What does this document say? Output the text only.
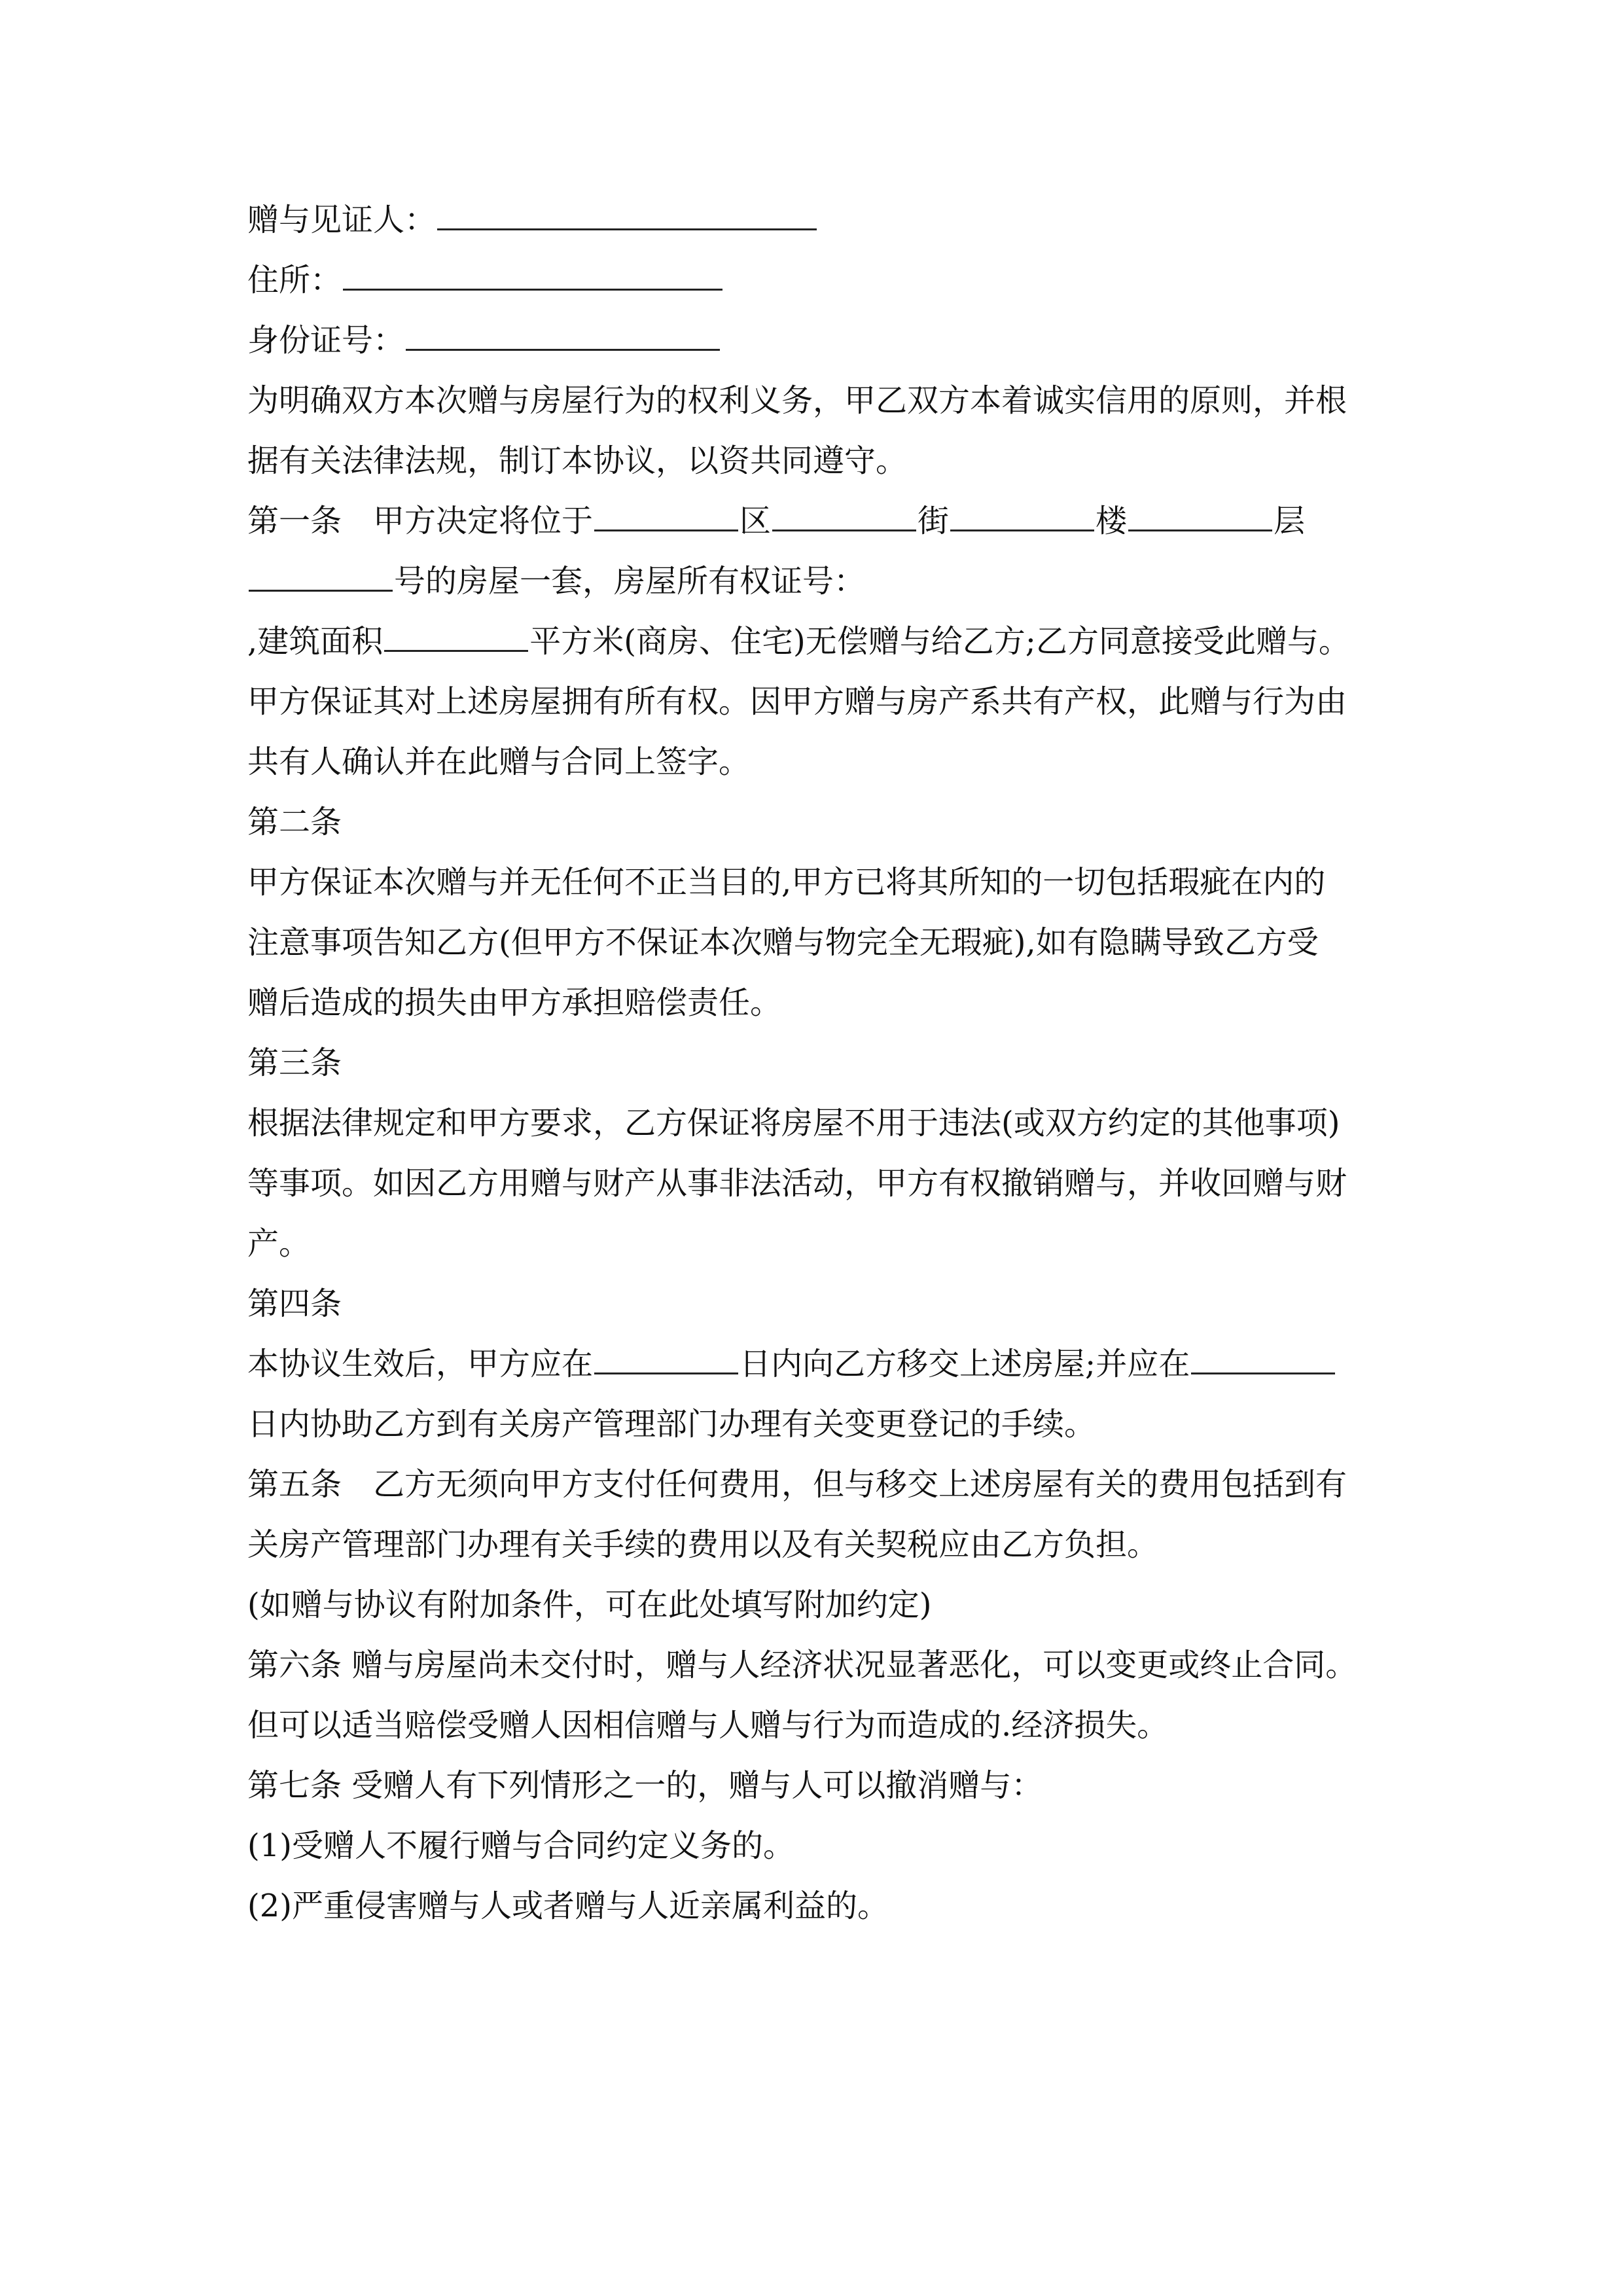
赠与见证人：
住所：
身份证号：
为明确双方本次赠与房屋行为的权利义务，甲乙双方本着诚实信用的原则，并根
据有关法律法规，制订本协议，以资共同遵守。
第一条　甲方决定将位于	区	街	楼	层
号的房屋一套，房屋所有权证号：
,建筑面积	平方米(商房、住宅)无偿赠与给乙方;乙方同意接受此赠与。
甲方保证其对上述房屋拥有所有权。因甲方赠与房产系共有产权，此赠与行为由
共有人确认并在此赠与合同上签字。
第二条
甲方保证本次赠与并无任何不正当目的,甲方已将其所知的一切包括瑕疵在内的
注意事项告知乙方(但甲方不保证本次赠与物完全无瑕疵),如有隐瞒导致乙方受
赠后造成的损失由甲方承担赔偿责任。
第三条
根据法律规定和甲方要求，乙方保证将房屋不用于违法(或双方约定的其他事项)
等事项。如因乙方用赠与财产从事非法活动，甲方有权撤销赠与，并收回赠与财
产。
第四条
本协议生效后，甲方应在	日内向乙方移交上述房屋;并应在
日内协助乙方到有关房产管理部门办理有关变更登记的手续。
第五条　乙方无须向甲方支付任何费用，但与移交上述房屋有关的费用包括到有
关房产管理部门办理有关手续的费用以及有关契税应由乙方负担。
(如赠与协议有附加条件，可在此处填写附加约定)
第六条 赠与房屋尚未交付时，赠与人经济状况显著恶化，可以变更或终止合同。
但可以适当赔偿受赠人因相信赠与人赠与行为而造成的.经济损失。
第七条 受赠人有下列情形之一的，赠与人可以撤消赠与：
(1)受赠人不履行赠与合同约定义务的。
(2)严重侵害赠与人或者赠与人近亲属利益的。
